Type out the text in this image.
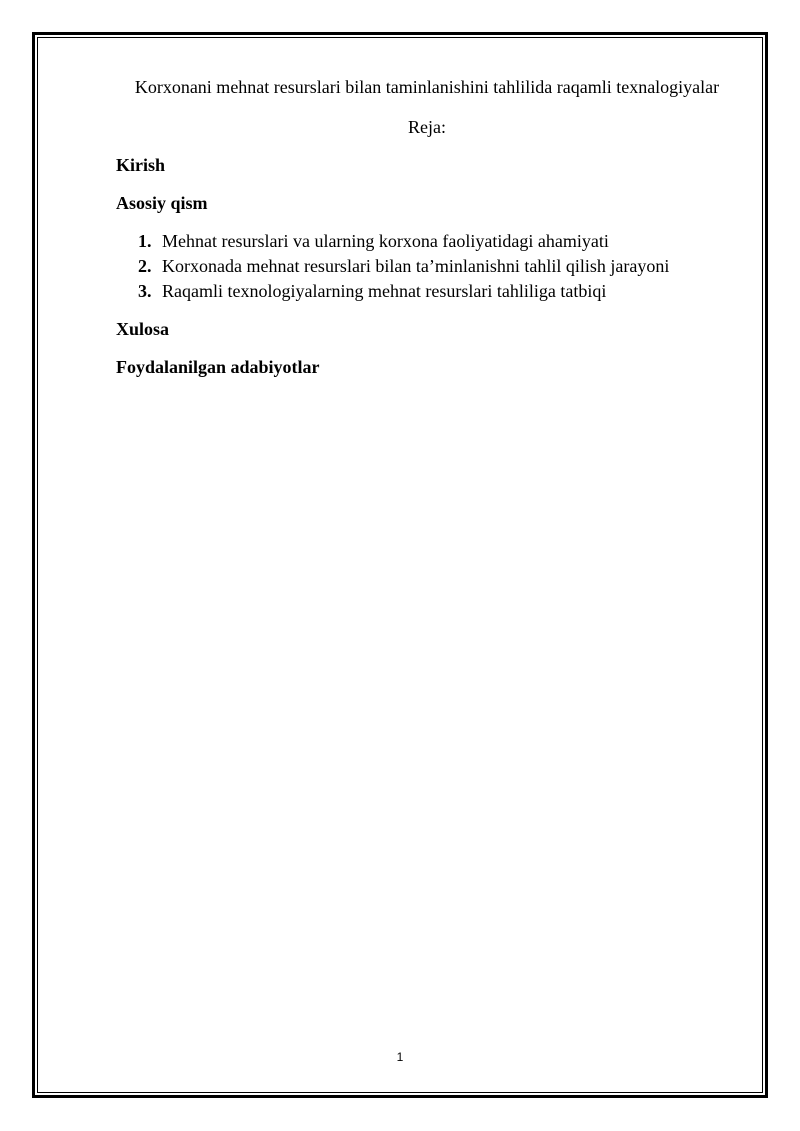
Korxonani mehnat resurslari bilan taminlanishini tahlilida raqamli texnalogiyalar
Reja:
Kirish
Asosiy qism
1. Mehnat resurslari va ularning korxona faoliyatidagi ahamiyati
2. Korxonada mehnat resurslari bilan ta’minlanishni tahlil qilish jarayoni
3. Raqamli texnologiyalarning mehnat resurslari tahliliga tatbiqi
Xulosa
Foydalanilgan adabiyotlar
1
